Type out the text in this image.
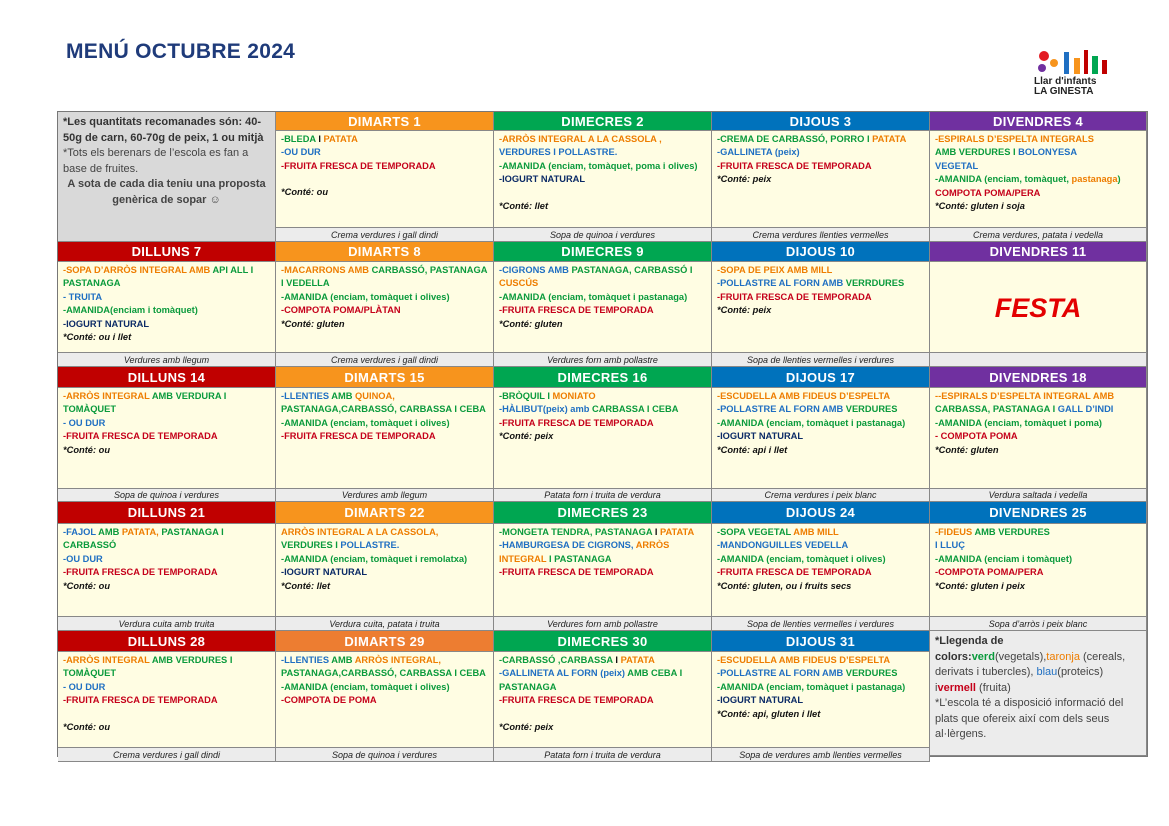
MENÚ OCTUBRE 2024
Llar d'infants
LA GINESTA
*Les quantitats recomanades són: 40-50g de carn, 60-70g de peix, 1 ou mitjà
*Tots els berenars de l’escola es fan a base de fruites.
A sota de cada dia teniu una proposta genèrica de sopar ☺
DIMARTS 1
-BLEDA I PATATA
-OU DUR
-FRUITA FRESCA DE TEMPORADA
*Conté: ou
Crema verdures i gall dindi
DIMECRES 2
-ARRÒS INTEGRAL A LA CASSOLA ,
VERDURES I POLLASTRE.
-AMANIDA (enciam, tomàquet, poma i olives)
-IOGURT NATURAL
*Conté: llet
Sopa de quinoa i verdures
DIJOUS 3
-CREMA DE CARBASSÓ, PORRO I PATATA
-GALLINETA (peix)
-FRUITA FRESCA DE TEMPORADA
*Conté: peix
Crema verdures llenties vermelles
DIVENDRES 4
-ESPIRALS D’ESPELTA INTEGRALS
AMB VERDURES I BOLONYESA
VEGETAL
-AMANIDA (enciam, tomàquet, pastanaga)
COMPOTA POMA/PERA
*Conté: gluten i soja
Crema verdures, patata i vedella
DILLUNS 7
-SOPA D’ARRÒS INTEGRAL AMB API ALL I PASTANAGA
- TRUITA
-AMANIDA(enciam i tomàquet)
-IOGURT NATURAL
*Conté: ou i llet
Verdures amb llegum
DIMARTS 8
-MACARRONS AMB CARBASSÓ, PASTANAGA I VEDELLA
-AMANIDA (enciam, tomàquet i olives)
-COMPOTA POMA/PLÀTAN
*Conté: gluten
Crema verdures i gall dindi
DIMECRES 9
-CIGRONS AMB PASTANAGA, CARBASSÓ I CUSCÚS
-AMANIDA (enciam, tomàquet i pastanaga)
-FRUITA FRESCA DE TEMPORADA
*Conté: gluten
Verdures forn amb pollastre
DIJOUS 10
-SOPA DE PEIX AMB MILL
-POLLASTRE AL FORN AMB VERRDURES
-FRUITA FRESCA DE TEMPORADA
*Conté: peix
Sopa de llenties vermelles i verdures
DIVENDRES 11
FESTA
DILLUNS 14
-ARRÒS INTEGRAL AMB VERDURA I TOMÀQUET
- OU DUR
-FRUITA FRESCA DE TEMPORADA
*Conté: ou
Sopa de quinoa i verdures
DIMARTS 15
-LLENTIES AMB QUINOA, PASTANAGA,CARBASSÓ, CARBASSA I CEBA
-AMANIDA (enciam, tomàquet i olives)
-FRUITA FRESCA DE TEMPORADA
Verdures amb llegum
DIMECRES 16
-BRÒQUIL I MONIATO
-HÀLIBUT(peix) amb CARBASSA I CEBA
-FRUITA FRESCA DE TEMPORADA
*Conté: peix
Patata forn i truita de verdura
DIJOUS 17
-ESCUDELLA AMB FIDEUS D’ESPELTA
-POLLASTRE AL FORN AMB VERDURES
-AMANIDA (enciam, tomàquet i pastanaga)
-IOGURT NATURAL
*Conté: api i llet
Crema verdures i peix blanc
DIVENDRES 18
--ESPIRALS D’ESPELTA INTEGRAL AMB CARBASSA, PASTANAGA I GALL D’INDI
-AMANIDA (enciam, tomàquet i poma)
- COMPOTA POMA
*Conté: gluten
Verdura saltada i vedella
DILLUNS 21
-FAJOL AMB PATATA, PASTANAGA I CARBASSÓ
-OU DUR
-FRUITA FRESCA DE TEMPORADA
*Conté: ou
Verdura cuita amb truita
DIMARTS 22
ARRÒS INTEGRAL A LA CASSOLA, VERDURES I POLLASTRE.
-AMANIDA (enciam, tomàquet i remolatxa)
-IOGURT NATURAL
*Conté: llet
Verdura cuita, patata i truita
DIMECRES 23
-MONGETA TENDRA, PASTANAGA I PATATA
-HAMBURGESA DE CIGRONS, ARRÒS INTEGRAL I PASTANAGA
-FRUITA FRESCA DE TEMPORADA
Verdures forn amb pollastre
DIJOUS 24
-SOPA VEGETAL AMB MILL
-MANDONGUILLES VEDELLA
-AMANIDA (enciam, tomàquet i olives)
-FRUITA FRESCA DE TEMPORADA
*Conté: gluten, ou i fruits secs
Sopa de llenties vermelles i verdures
DIVENDRES 25
-FIDEUS AMB VERDURES
I LLUÇ
-AMANIDA (enciam i tomàquet)
-COMPOTA POMA/PERA
*Conté: gluten i peix
Sopa d’arròs i peix blanc
DILLUNS 28
-ARRÒS INTEGRAL AMB VERDURES I TOMÀQUET
- OU DUR
-FRUITA FRESCA DE TEMPORADA
*Conté: ou
Crema verdures i gall dindi
DIMARTS 29
-LLENTIES AMB ARRÒS INTEGRAL, PASTANAGA,CARBASSÓ, CARBASSA I CEBA
-AMANIDA (enciam, tomàquet i olives)
-COMPOTA DE POMA
Sopa de quinoa i verdures
DIMECRES 30
-CARBASSÓ ,CARBASSA I PATATA
-GALLINETA AL FORN (peix) AMB CEBA I PASTANAGA
-FRUITA FRESCA DE TEMPORADA
*Conté: peix
Patata forn i truita de verdura
DIJOUS 31
-ESCUDELLA AMB FIDEUS D’ESPELTA
-POLLASTRE AL FORN AMB VERDURES
-AMANIDA (enciam, tomàquet i pastanaga)
-IOGURT NATURAL
*Conté: api, gluten i llet
Sopa de verdures amb llenties vermelles
*Llegenda de colors:verd(vegetals),taronja (cereals, derivats i tubercles), blau(proteics) ivermell (fruita)
*L’escola té a disposició informació del plats que ofereix així com dels seus al·lèrgens.
